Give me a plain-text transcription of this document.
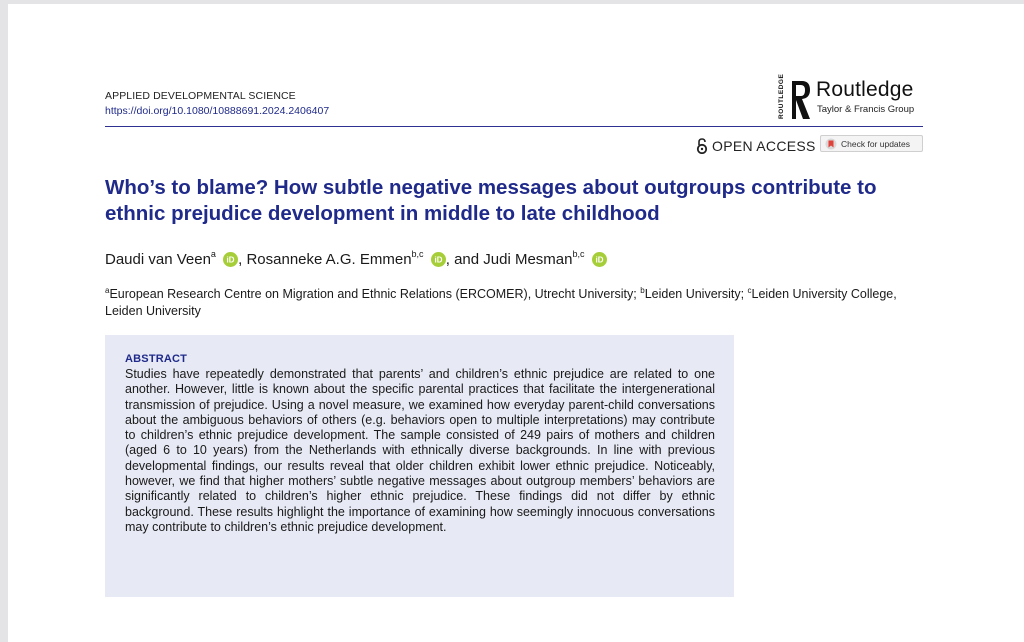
APPLIED DEVELOPMENTAL SCIENCE
https://doi.org/10.1080/10888691.2024.2406407	ROUTLEDGE Routledge
Taylor & Francis Group
OPEN ACCESS	Check for updates
Who’s to blame? How subtle negative messages about outgroups contribute to ethnic prejudice development in middle to late childhood
Daudi van Veen$^a$
iD , Rosanneke A.G. Emmen$^{b,c}$
iD , and Judi Mesman$^{b,c}$
iD
$^a$European Research Centre on Migration and Ethnic Relations (ERCOMER), Utrecht University; $^b$Leiden University; $^c$Leiden University College, Leiden University
ABSTRACT

Studies have repeatedly demonstrated that parents’ and children’s ethnic prejudice are related to one another. However, little is known about the specific parental practices that facilitate the intergenerational transmission of prejudice. Using a novel measure, we examined how everyday parent-child conversations about the ambiguous behaviors of others (e.g. behaviors open to multiple interpretations) may contribute to children’s ethnic prejudice development. The sample consisted of 249 pairs of mothers and children (aged 6 to 10 years) from the Netherlands with ethnically diverse backgrounds. In line with previous developmental findings, our results reveal that older children exhibit lower ethnic prejudice. Noticeably, however, we find that higher mothers’ subtle negative messages about outgroup members’ behaviors are significantly related to children’s higher ethnic prejudice. These findings did not differ by ethnic background. These results highlight the importance of examining how seemingly innocuous conversations may contribute to children’s ethnic prejudice development.
